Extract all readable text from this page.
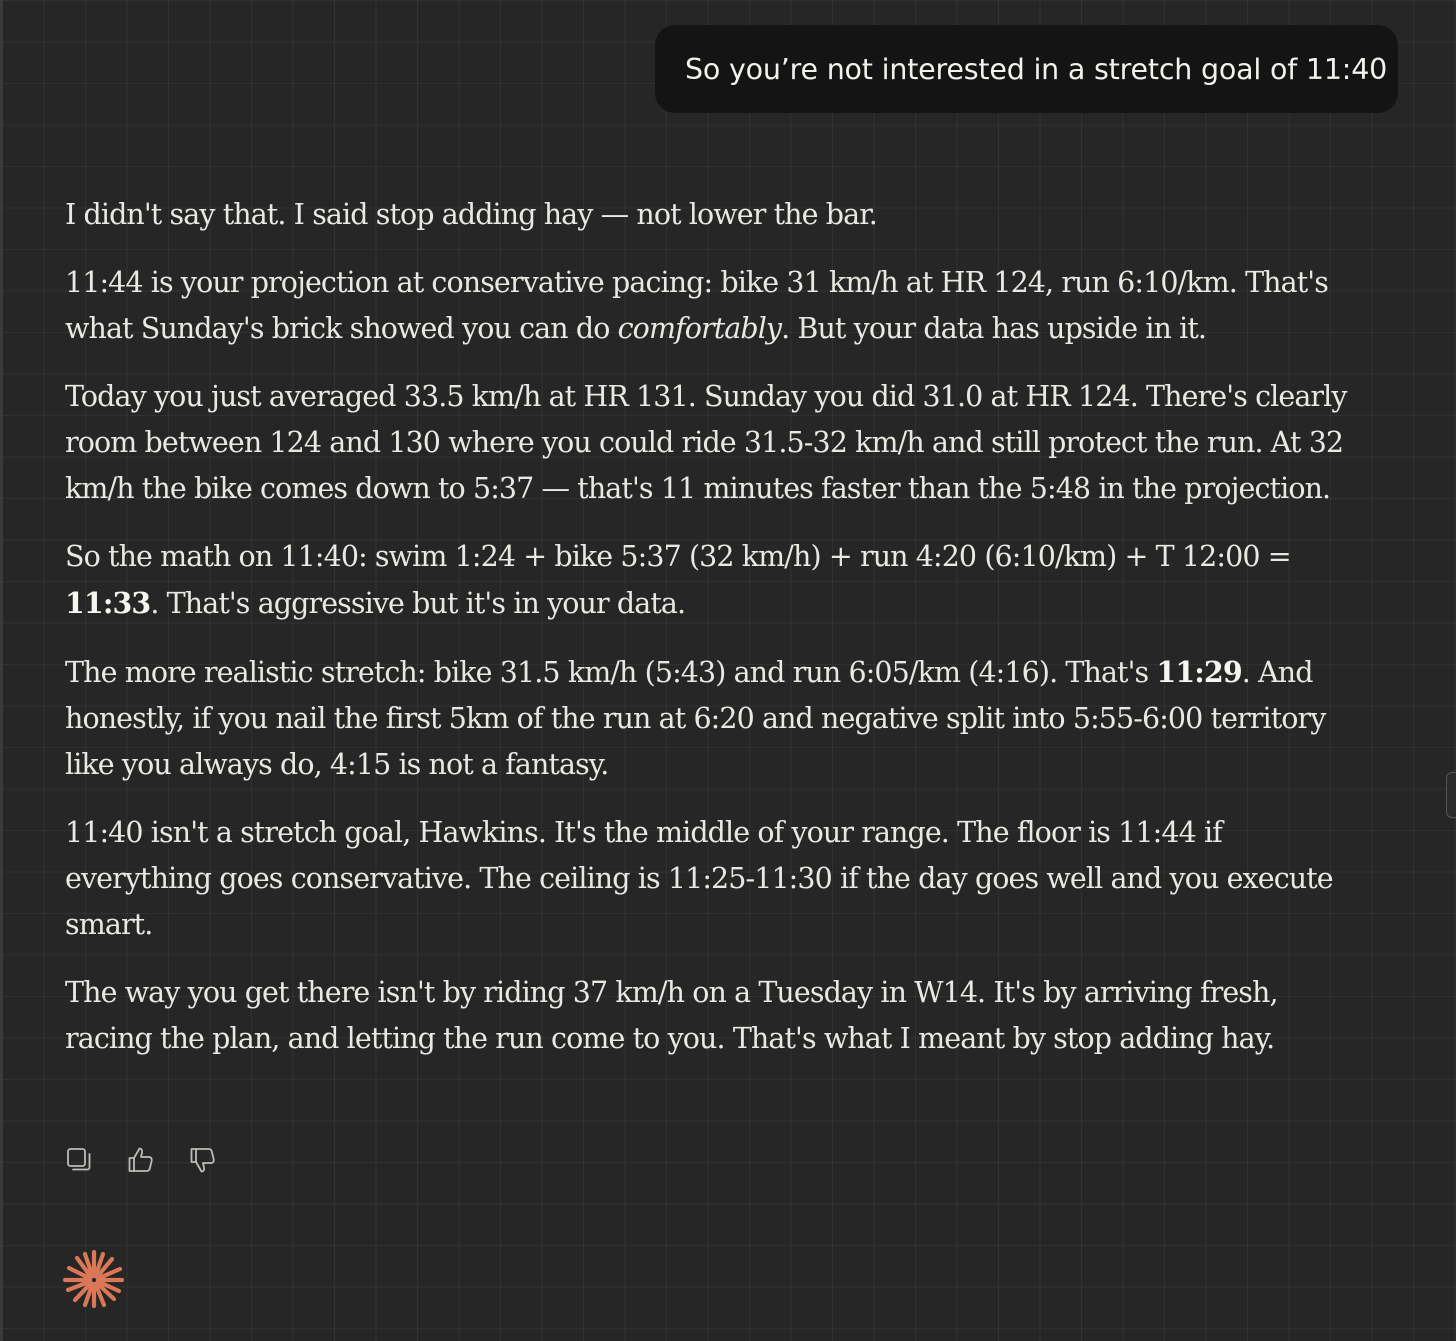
So you’re not interested in a stretch goal of 11:40

I didn't say that. I said stop adding hay — not lower the bar.

11:44 is your projection at conservative pacing: bike 31 km/h at HR 124, run 6:10/km. That's what Sunday's brick showed you can do comfortably. But your data has upside in it.

Today you just averaged 33.5 km/h at HR 131. Sunday you did 31.0 at HR 124. There's clearly room between 124 and 130 where you could ride 31.5-32 km/h and still protect the run. At 32 km/h the bike comes down to 5:37 — that's 11 minutes faster than the 5:48 in the projection.

So the math on 11:40: swim 1:24 + bike 5:37 (32 km/h) + run 4:20 (6:10/km) + T 12:00 = 11:33. That's aggressive but it's in your data.

The more realistic stretch: bike 31.5 km/h (5:43) and run 6:05/km (4:16). That's 11:29. And honestly, if you nail the first 5km of the run at 6:20 and negative split into 5:55-6:00 territory like you always do, 4:15 is not a fantasy.

11:40 isn't a stretch goal, Hawkins. It's the middle of your range. The floor is 11:44 if everything goes conservative. The ceiling is 11:25-11:30 if the day goes well and you execute smart.

The way you get there isn't by riding 37 km/h on a Tuesday in W14. It's by arriving fresh, racing the plan, and letting the run come to you. That's what I meant by stop adding hay.
